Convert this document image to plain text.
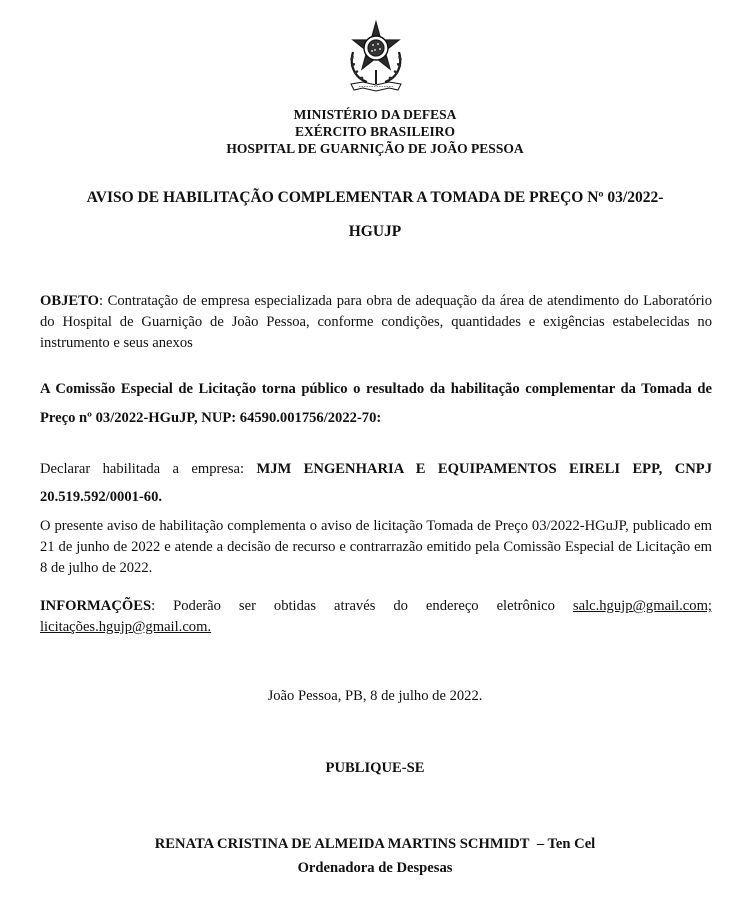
MINISTÉRIO DA DEFESA
EXÉRCITO BRASILEIRO
HOSPITAL DE GUARNIÇÃO DE JOÃO PESSOA
AVISO DE HABILITAÇÃO COMPLEMENTAR A TOMADA DE PREÇO Nº 03/2022-
HGUJP
OBJETO: Contratação de empresa especializada para obra de adequação da área de atendimento do Laboratório do Hospital de Guarnição de João Pessoa, conforme condições, quantidades e exigências estabelecidas no instrumento e seus anexos
A Comissão Especial de Licitação torna público o resultado da habilitação complementar da Tomada de Preço nº 03/2022-HGuJP, NUP: 64590.001756/2022-70:
Declarar habilitada a empresa: MJM ENGENHARIA E EQUIPAMENTOS EIRELI EPP, CNPJ
20.519.592/0001-60.
O presente aviso de habilitação complementa o aviso de licitação Tomada de Preço 03/2022-HGuJP, publicado em 21 de junho de 2022 e atende a decisão de recurso e contrarrazão emitido pela Comissão Especial de Licitação em 8 de julho de 2022.
INFORMAÇÕES: Poderão ser obtidas através do endereço eletrônico salc.hgujp@gmail.com; licitações.hgujp@gmail.com.
João Pessoa, PB, 8 de julho de 2022.
PUBLIQUE-SE
RENATA CRISTINA DE ALMEIDA MARTINS SCHMIDT – Ten Cel
Ordenadora de Despesas
